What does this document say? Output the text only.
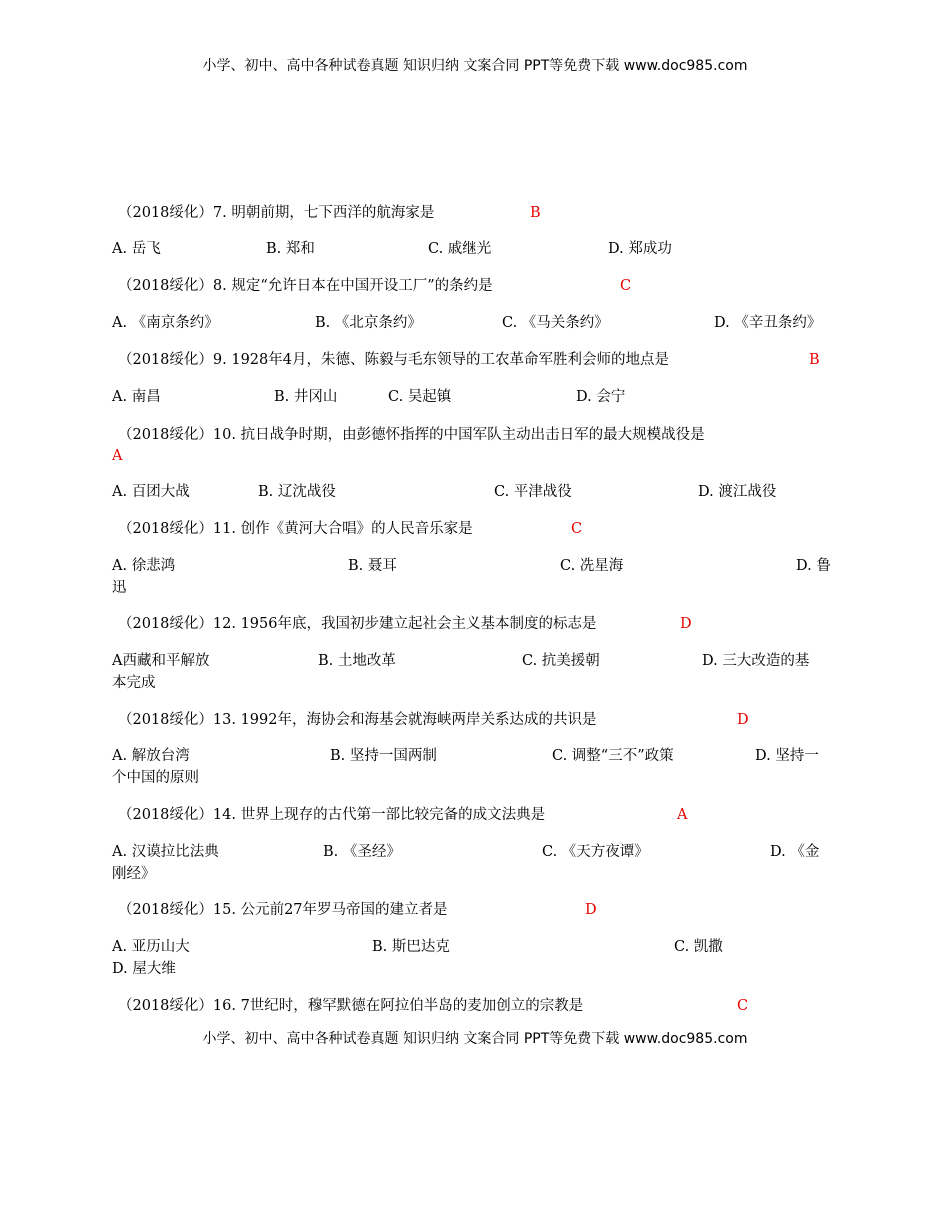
小学、初中、高中各种试卷真题 知识归纳 文案合同 PPT等免费下载 www.doc985.com
（2018绥化）7. 明朝前期，七下西洋的航海家是	B
A. 岳飞	B. 郑和	C. 戚继光	D. 郑成功
（2018绥化）8. 规定“允许日本在中国开设工厂”的条约是	C
A. 《南京条约》	B. 《北京条约》	C. 《马关条约》	D. 《辛丑条约》
（2018绥化）9. 1928年4月，朱德、陈毅与毛东领导的工农革命军胜利会师的地点是	B
A. 南昌	B. 井冈山	C. 吴起镇	D. 会宁
（2018绥化）10. 抗日战争时期，由彭德怀指挥的中国军队主动出击日军的最大规模战役是
A
A. 百团大战	B. 辽沈战役	C. 平津战役	D. 渡江战役
（2018绥化）11. 创作《黄河大合唱》的人民音乐家是	C
A. 徐悲鸿	B. 聂耳	C. 冼星海	D. 鲁
迅
（2018绥化）12. 1956年底，我国初步建立起社会主义基本制度的标志是	D
A西藏和平解放	B. 土地改革	C. 抗美援朝	D. 三大改造的基
本完成
（2018绥化）13. 1992年，海协会和海基会就海峡两岸关系达成的共识是	D
A. 解放台湾	B. 坚持一国两制	C. 调整“三不”政策	D. 坚持一
个中国的原则
（2018绥化）14. 世界上现存的古代第一部比较完备的成文法典是	A
A. 汉谟拉比法典	B. 《圣经》	C. 《天方夜谭》	D. 《金
刚经》
（2018绥化）15. 公元前27年罗马帝国的建立者是	D
A. 亚历山大	B. 斯巴达克	C. 凯撒
D. 屋大维
（2018绥化）16. 7世纪时，穆罕默德在阿拉伯半岛的麦加创立的宗教是	C
小学、初中、高中各种试卷真题 知识归纳 文案合同 PPT等免费下载 www.doc985.com
